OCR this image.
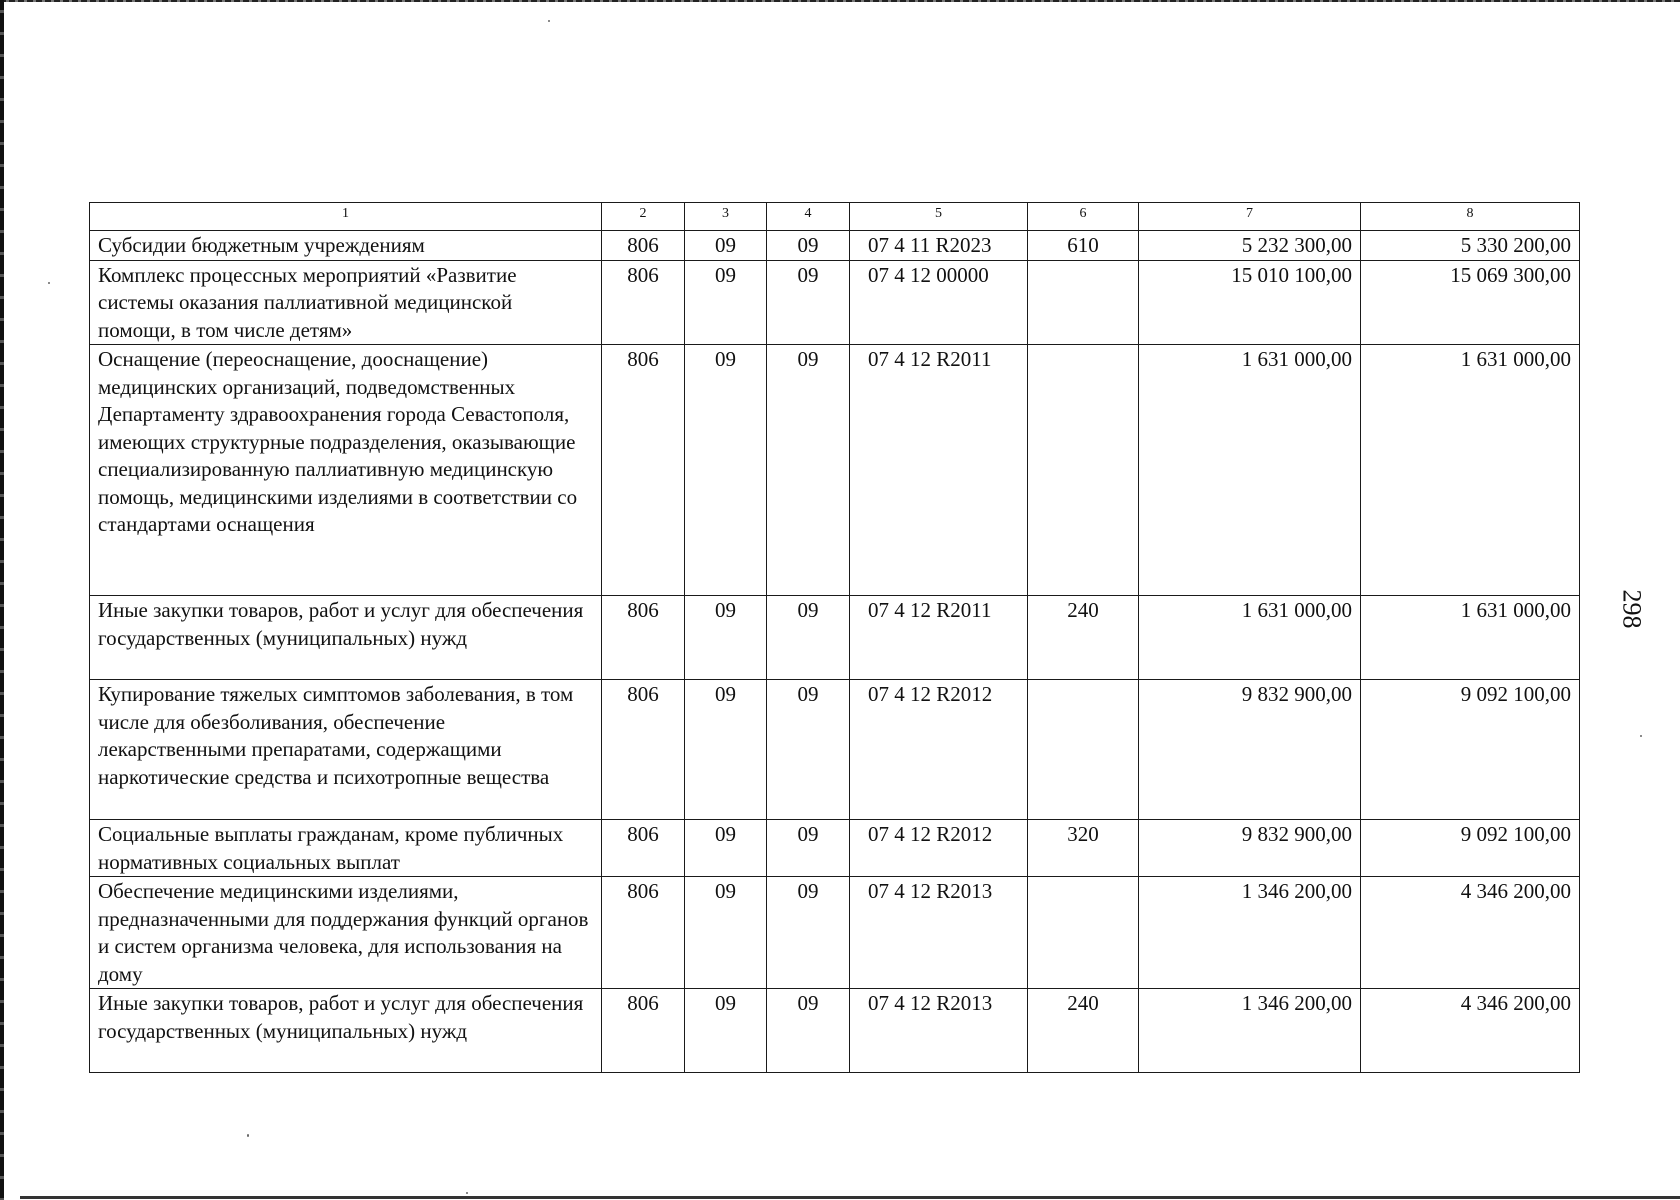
1	2	3	4	5	6	7	8
Субсидии бюджетным учреждениям	806	09	09	07 4 11 R2023	610	5 232 300,00	5 330 200,00
Комплекс процессных мероприятий «Развитие системы оказания паллиативной медицинской помощи, в том числе детям»	806	09	09	07 4 12 00000		15 010 100,00	15 069 300,00
Оснащение (переоснащение, дооснащение) медицинских организаций, подведомственных Департаменту здравоохранения города Севастополя, имеющих структурные подразделения, оказывающие специализированную паллиативную медицинскую помощь, медицинскими изделиями в соответствии со стандартами оснащения	806	09	09	07 4 12 R2011		1 631 000,00	1 631 000,00
Иные закупки товаров, работ и услуг для обеспечения государственных (муниципальных) нужд	806	09	09	07 4 12 R2011	240	1 631 000,00	1 631 000,00
Купирование тяжелых симптомов заболевания, в том числе для обезболивания, обеспечение лекарственными препаратами, содержащими наркотические средства и психотропные вещества	806	09	09	07 4 12 R2012		9 832 900,00	9 092 100,00
Социальные выплаты гражданам, кроме публичных нормативных социальных выплат	806	09	09	07 4 12 R2012	320	9 832 900,00	9 092 100,00
Обеспечение медицинскими изделиями, предназначенными для поддержания функций органов и систем организма человека, для использования на дому	806	09	09	07 4 12 R2013		1 346 200,00	4 346 200,00
Иные закупки товаров, работ и услуг для обеспечения государственных (муниципальных) нужд	806	09	09	07 4 12 R2013	240	1 346 200,00	4 346 200,00
298
